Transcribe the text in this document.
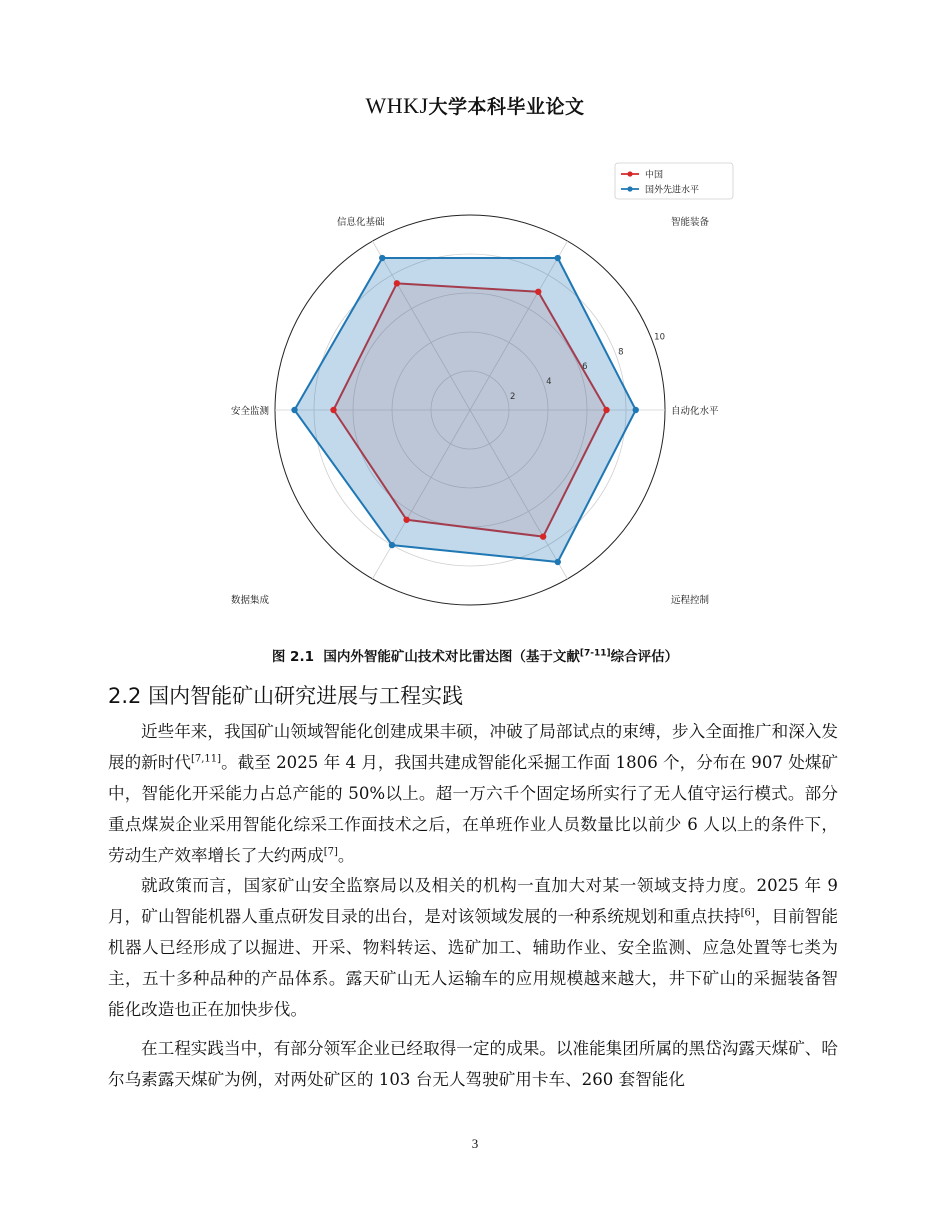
WHKJ大学本科毕业论文
2
4
6
8
10
自动化水平
智能装备
信息化基础
安全监测
数据集成	远程控制
中国
国外先进水平
图 2.1 国内外智能矿山技术对比雷达图（基于文献[7-11]综合评估）
2.2 国内智能矿山研究进展与工程实践

近些年来，我国矿山领域智能化创建成果丰硕，冲破了局部试点的束缚，步入全面推广和深入发展的新时代[7,11]。截至 2025 年 4 月，我国共建成智能化采掘工作面 1806 个，分布在 907 处煤矿中，智能化开采能力占总产能的 50%以上。超一万六千个固定场所实行了无人值守运行模式。部分重点煤炭企业采用智能化综采工作面技术之后，在单班作业人员数量比以前少 6 人以上的条件下，劳动生产效率增长了大约两成[7]。

就政策而言，国家矿山安全监察局以及相关的机构一直加大对某一领域支持力度。2025 年 9 月，矿山智能机器人重点研发目录的出台，是对该领域发展的一种系统规划和重点扶持[6]，目前智能机器人已经形成了以掘进、开采、物料转运、选矿加工、辅助作业、安全监测、应急处置等七类为主，五十多种品种的产品体系。露天矿山无人运输车的应用规模越来越大，井下矿山的采掘装备智能化改造也正在加快步伐。

在工程实践当中，有部分领军企业已经取得一定的成果。以准能集团所属的黑岱沟露天煤矿、哈尔乌素露天煤矿为例，对两处矿区的 103 台无人驾驶矿用卡车、260 套智能化

3
